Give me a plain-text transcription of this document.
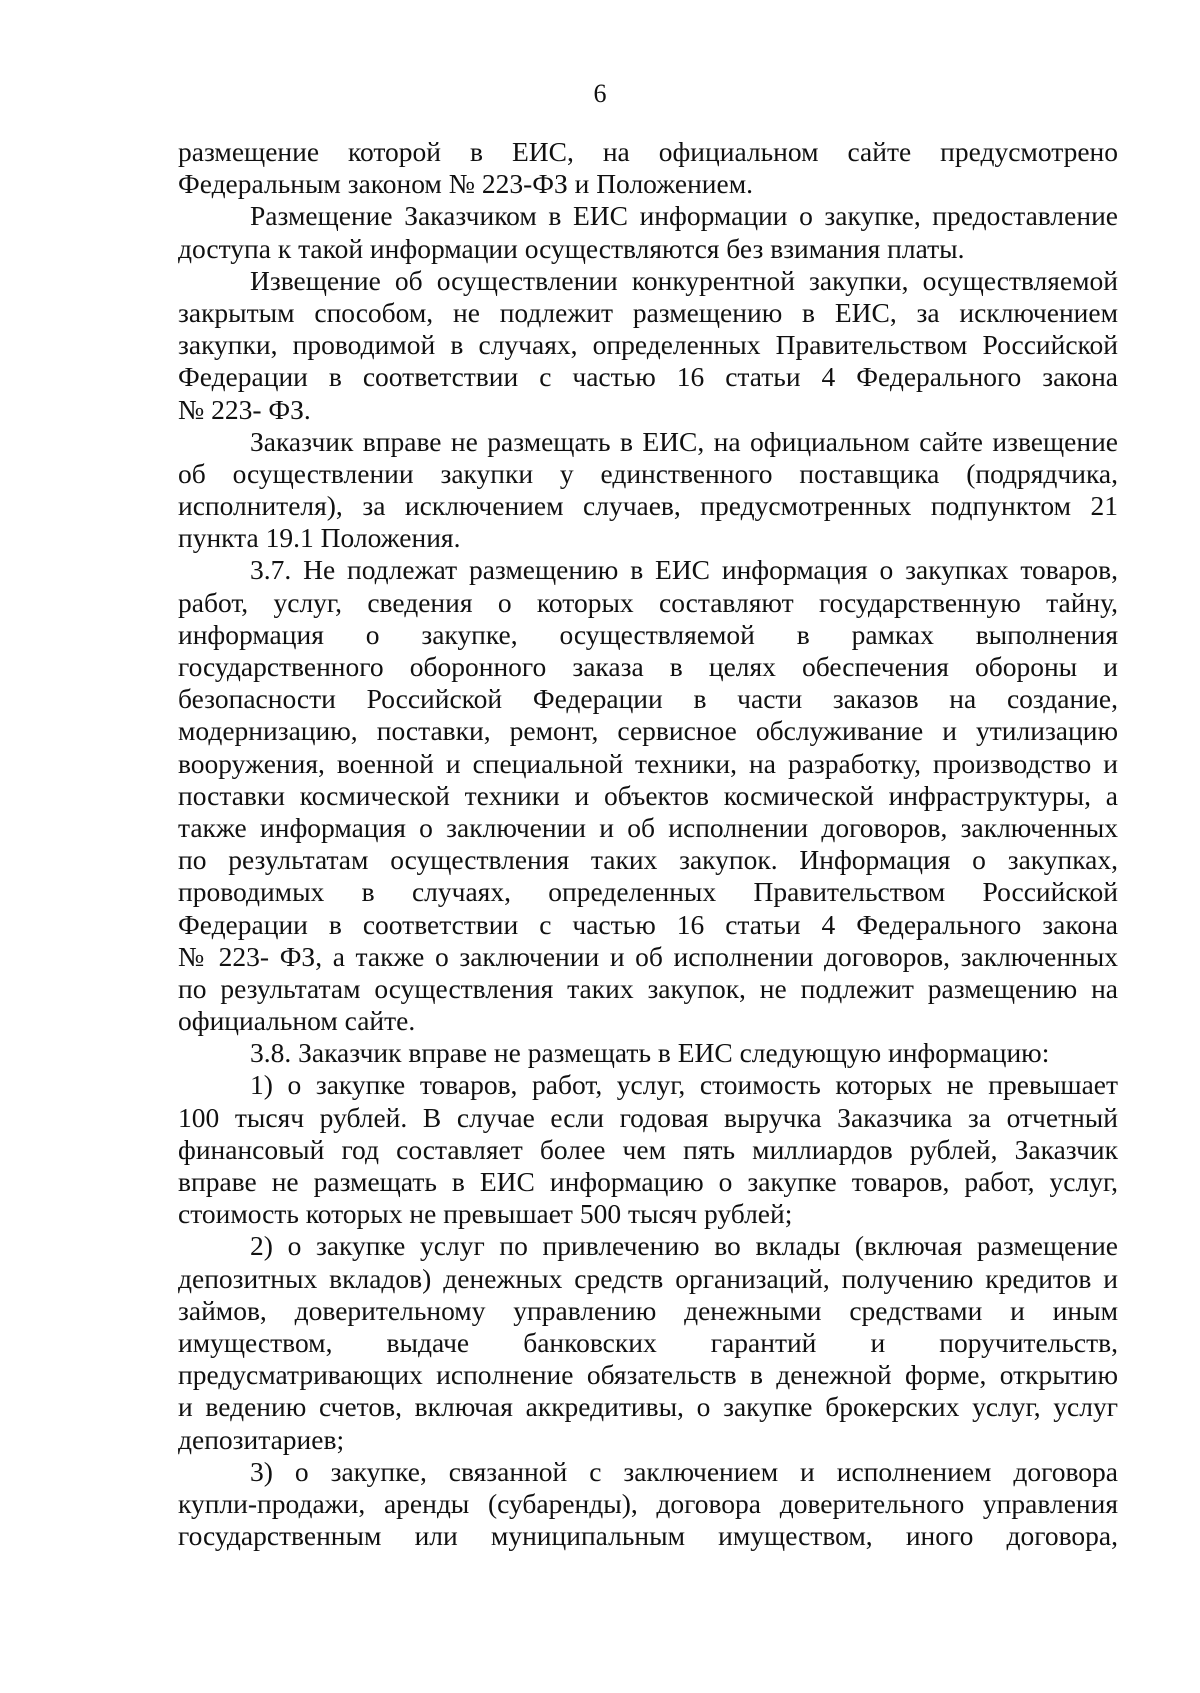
6
размещение которой в ЕИС, на официальном сайте предусмотрено
Федеральным законом № 223-ФЗ и Положением.
Размещение Заказчиком в ЕИС информации о закупке, предоставление
доступа к такой информации осуществляются без взимания платы.
Извещение об осуществлении конкурентной закупки, осуществляемой
закрытым способом, не подлежит размещению в ЕИС, за исключением
закупки, проводимой в случаях, определенных Правительством Российской
Федерации в соответствии с частью 16 статьи 4 Федерального закона
№ 223- ФЗ.
Заказчик вправе не размещать в ЕИС, на официальном сайте извещение
об осуществлении закупки у единственного поставщика (подрядчика,
исполнителя), за исключением случаев, предусмотренных подпунктом 21
пункта 19.1 Положения.
3.7. Не подлежат размещению в ЕИС информация о закупках товаров,
работ, услуг, сведения о которых составляют государственную тайну,
информация о закупке, осуществляемой в рамках выполнения
государственного оборонного заказа в целях обеспечения обороны и
безопасности Российской Федерации в части заказов на создание,
модернизацию, поставки, ремонт, сервисное обслуживание и утилизацию
вооружения, военной и специальной техники, на разработку, производство и
поставки космической техники и объектов космической инфраструктуры, а
также информация о заключении и об исполнении договоров, заключенных
по результатам осуществления таких закупок. Информация о закупках,
проводимых в случаях, определенных Правительством Российской
Федерации в соответствии с частью 16 статьи 4 Федерального закона
№ 223- ФЗ, а также о заключении и об исполнении договоров, заключенных
по результатам осуществления таких закупок, не подлежит размещению на
официальном сайте.
3.8. Заказчик вправе не размещать в ЕИС следующую информацию:
1) о закупке товаров, работ, услуг, стоимость которых не превышает
100 тысяч рублей. В случае если годовая выручка Заказчика за отчетный
финансовый год составляет более чем пять миллиардов рублей, Заказчик
вправе не размещать в ЕИС информацию о закупке товаров, работ, услуг,
стоимость которых не превышает 500 тысяч рублей;
2) о закупке услуг по привлечению во вклады (включая размещение
депозитных вкладов) денежных средств организаций, получению кредитов и
займов, доверительному управлению денежными средствами и иным
имуществом, выдаче банковских гарантий и поручительств,
предусматривающих исполнение обязательств в денежной форме, открытию
и ведению счетов, включая аккредитивы, о закупке брокерских услуг, услуг
депозитариев;
3) о закупке, связанной с заключением и исполнением договора
купли-продажи, аренды (субаренды), договора доверительного управления
государственным или муниципальным имуществом, иного договора,
